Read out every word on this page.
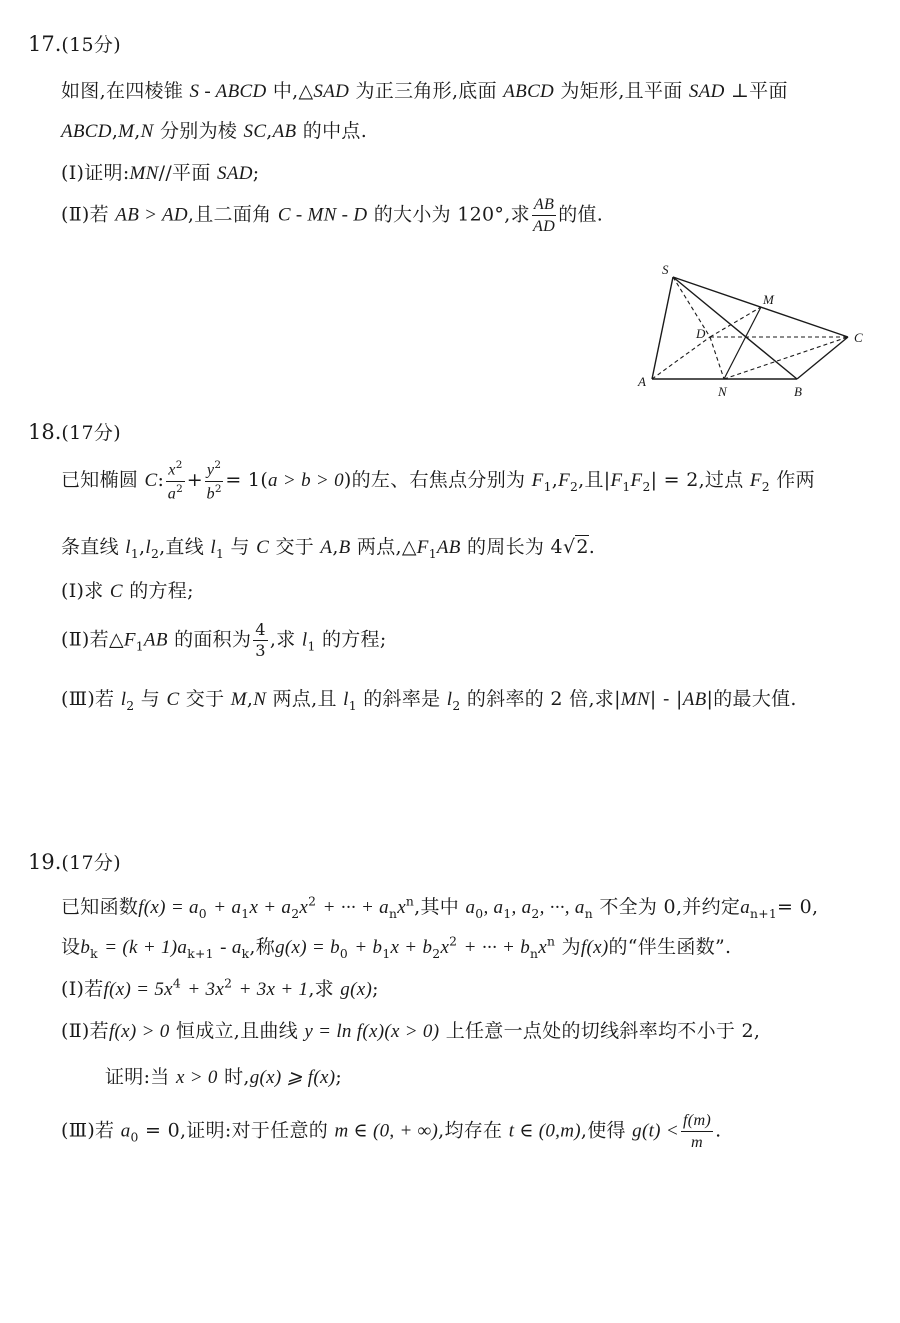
17.(15分)
如图,在四棱锥 S - ABCD 中,△SAD 为正三角形,底面 ABCD 为矩形,且平面 SAD ⊥平面
ABCD,M,N 分别为棱 SC,AB 的中点.
(Ⅰ)证明:MN//平面 SAD;
(Ⅱ)若 AB > AD,且二面角 C - MN - D 的大小为 120°,求 $\frac{AB}{AD}$ 的值.
S
M
D	C
A
N	B
18.(17分)
已知椭圆 C: $\frac{x^2}{a^2} + \frac{y^2}{b^2} = 1(a > b > 0)$的左、右焦点分别为 $F_1,F_2$,且$|F_1F_2| = 2$,过点 $F_2$ 作两
条直线 $l_1,l_2$,直线 $l_1$ 与 C 交于 A,B 两点$,\triangle F_1AB$ 的周长为 4√2.
(Ⅰ)求 C 的方程;
(Ⅱ)若$\triangle F_1AB$ 的面积为 $\frac{4}{3}$ ,求 $l_1$ 的方程;
(Ⅲ)若 $l_2$ 与 C 交于 M,N 两点,且 $l_1$ 的斜率是 $l_2$ 的斜率的 2 倍,求|MN| - |AB|的最大值.
19.(17分)
已知函数$f(x) = a_0 + a_1x + a_2x^2$ + ··· + $a_nx^n$,其中 $a_0$, $a_1$, $a_2$, ···, $a_n$ 不全为 0,并约定$a_{n+1}= 0$,
设$b_k = (k + 1)a_{k+1} - a_k$,称$g(x) = b_0 + b_1x + b_2x^2$ + ··· + $b_nx^n$ 为f(x)的“伴生函数”.
(Ⅰ)若$f(x) = 5x^4 + 3x^2 + 3x + 1$,求 g(x);
(Ⅱ)若f(x) > 0 恒成立,且曲线 y = ln f(x)(x > 0) 上任意一点处的切线斜率均不小于 2,
证明:当 x > 0 时,g(x) ⩾ f(x);
(Ⅲ)若 $a_0 = 0$,证明:对于任意的 m ∈ (0, + ∞),均存在 t ∈ (0,m),使得 $g(t) < \frac{f(m)}{m}$ .
